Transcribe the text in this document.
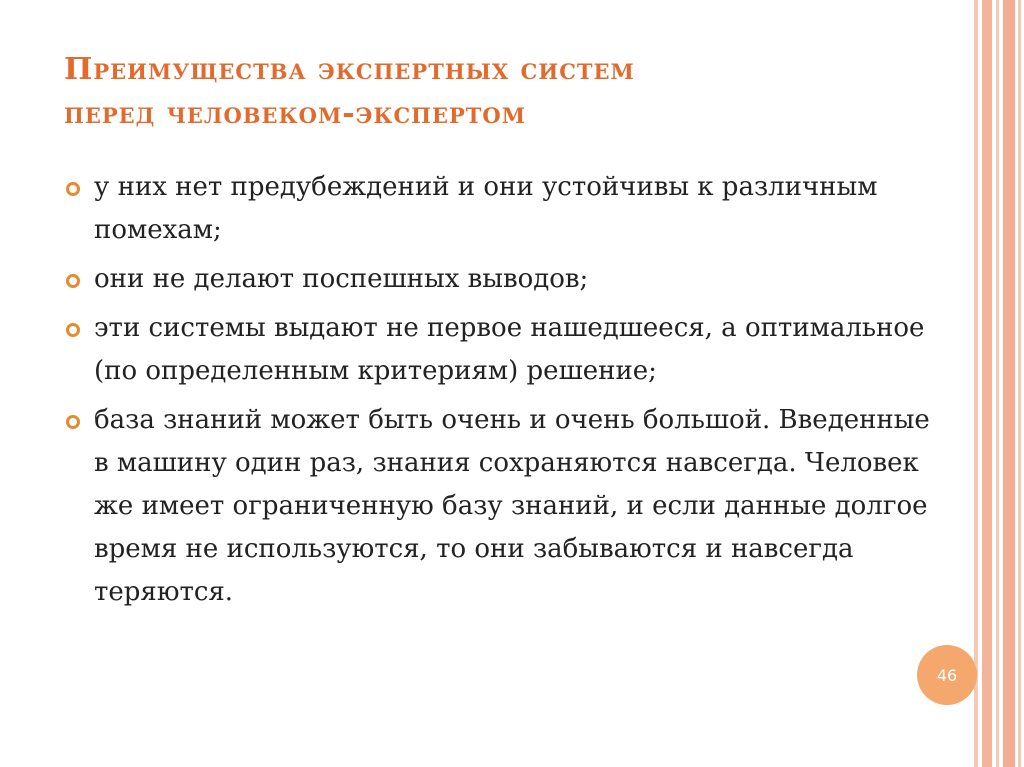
Преимущества экспертных систем
перед человеком-экспертом
у них нет предубеждений и они устойчивы к различным помехам;
они не делают поспешных выводов;
эти системы выдают не первое нашедшееся, а оптимальное (по определенным критериям) решение;
база знаний может быть очень и очень большой. Введенные в машину один раз, знания сохраняются навсегда. Человек же имеет ограниченную базу знаний, и если данные долгое время не используются, то они забываются и навсегда теряются.
46
